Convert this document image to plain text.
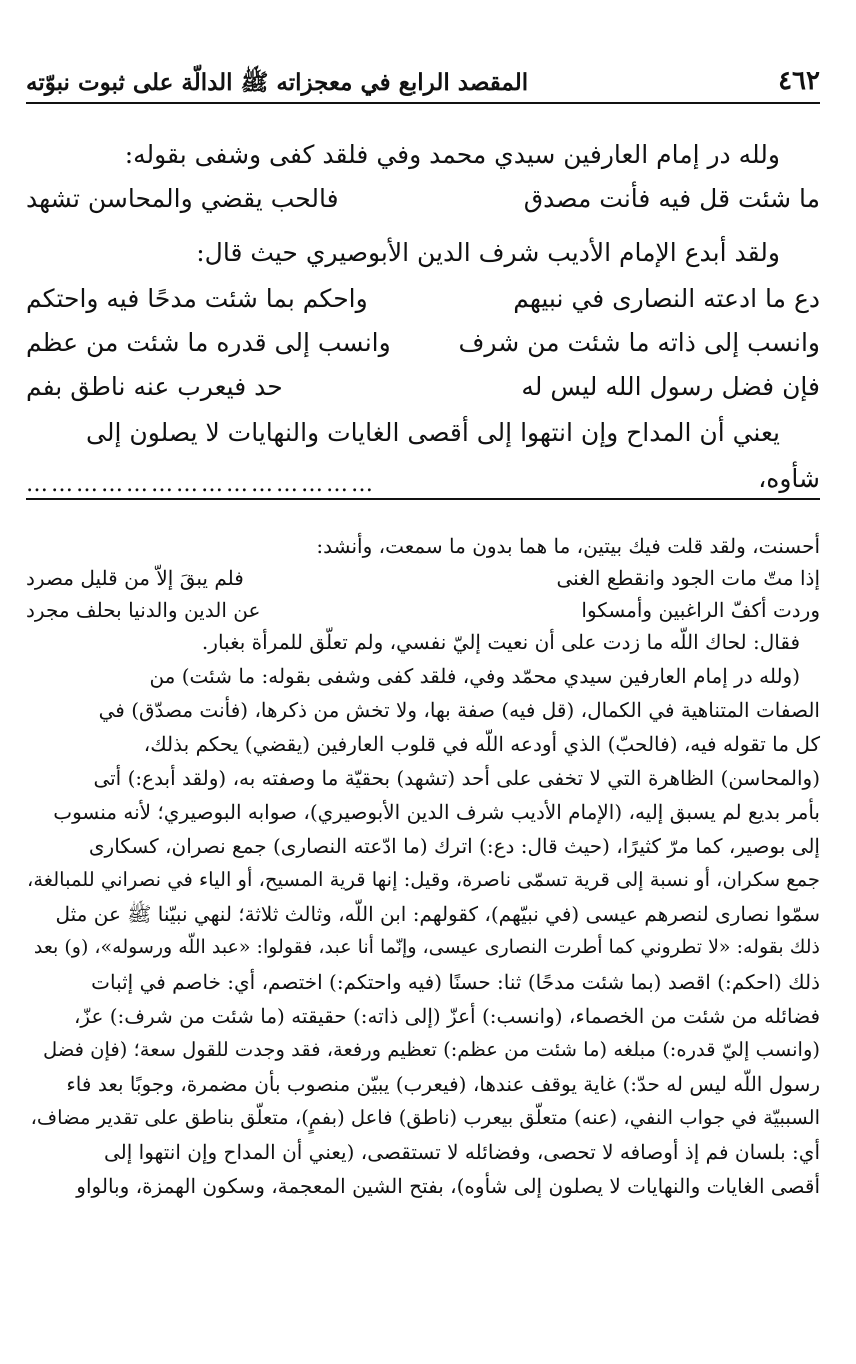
٤٦٢
المقصد الرابع في معجزاته ﷺ الدالّة على ثبوت نبوّته
ولله در إمام العارفين سيدي محمد وفي فلقد كفى وشفى بقوله:
ما شئت قل فيه فأنت مصدق
فالحب يقضي والمحاسن تشهد
ولقد أبدع الإمام الأديب شرف الدين الأبوصيري حيث قال:
دع ما ادعته النصارى في نبيهم
واحكم بما شئت مدحًا فيه واحتكم
وانسب إلى ذاته ما شئت من شرف
وانسب إلى قدره ما شئت من عظم
فإن فضل رسول الله ليس له
حد فيعرب عنه ناطق بفم
يعني أن المداح وإن انتهوا إلى أقصى الغايات والنهايات لا يصلون إلى
شأوه،
……………………………………
أحسنت، ولقد قلت فيك بيتين، ما هما بدون ما سمعت، وأنشد:
إذا متّ مات الجود وانقطع الغنى
فلم يبقَ إلاّ من قليل مصرد
وردت أكفّ الراغبين وأمسكوا
عن الدين والدنيا بحلف مجرد
فقال: لحاك اللّه ما زدت على أن نعيت إليّ نفسي، ولم تعلّق للمرأة بغبار.
(ولله در إمام العارفين سيدي محمّد وفي، فلقد كفى وشفى بقوله: ما شئت) من
الصفات المتناهية في الكمال، (قل فيه) صفة بها، ولا تخش من ذكرها، (فأنت مصدّق) في
كل ما تقوله فيه، (فالحبّ) الذي أودعه اللّه في قلوب العارفين (يقضي) يحكم بذلك،
(والمحاسن) الظاهرة التي لا تخفى على أحد (تشهد) بحقيّة ما وصفته به، (ولقد أبدع:) أتى
بأمر بديع لم يسبق إليه، (الإمام الأديب شرف الدين الأبوصيري)، صوابه البوصيري؛ لأنه منسوب
إلى بوصير، كما مرّ كثيرًا، (حيث قال: دع:) اترك (ما ادّعته النصارى) جمع نصران، كسكارى
جمع سكران، أو نسبة إلى قرية تسمّى ناصرة، وقيل: إنها قرية المسيح، أو الياء في نصراني للمبالغة،
سمّوا نصارى لنصرهم عيسى (في نبيّهم)، كقولهم: ابن اللّه، وثالث ثلاثة؛ لنهي نبيّنا ﷺ عن مثل
ذلك بقوله: «لا تطروني كما أطرت النصارى عيسى، وإنّما أنا عبد، فقولوا: «عبد اللّه ورسوله»، (و) بعد
ذلك (احكم:) اقصد (بما شئت مدحًا) ثنا: حسنًا (فيه واحتكم:) اختصم، أي: خاصم في إثبات
فضائله من شئت من الخصماء، (وانسب:) أعزّ (إلى ذاته:) حقيقته (ما شئت من شرف:) عزّ،
(وانسب إليّ قدره:) مبلغه (ما شئت من عظم:) تعظيم ورفعة، فقد وجدت للقول سعة؛ (فإن فضل
رسول اللّه ليس له حدّ:) غاية يوقف عندها، (فيعرب) يبيّن منصوب بأن مضمرة، وجوبًا بعد فاء
السببيّة في جواب النفي، (عنه) متعلّق بيعرب (ناطق) فاعل (بفمٍ)، متعلّق بناطق على تقدير مضاف،
أي: بلسان فم إذ أوصافه لا تحصى، وفضائله لا تستقصى، (يعني أن المداح وإن انتهوا إلى
أقصى الغايات والنهايات لا يصلون إلى شأوه)، بفتح الشين المعجمة، وسكون الهمزة، وبالواو
